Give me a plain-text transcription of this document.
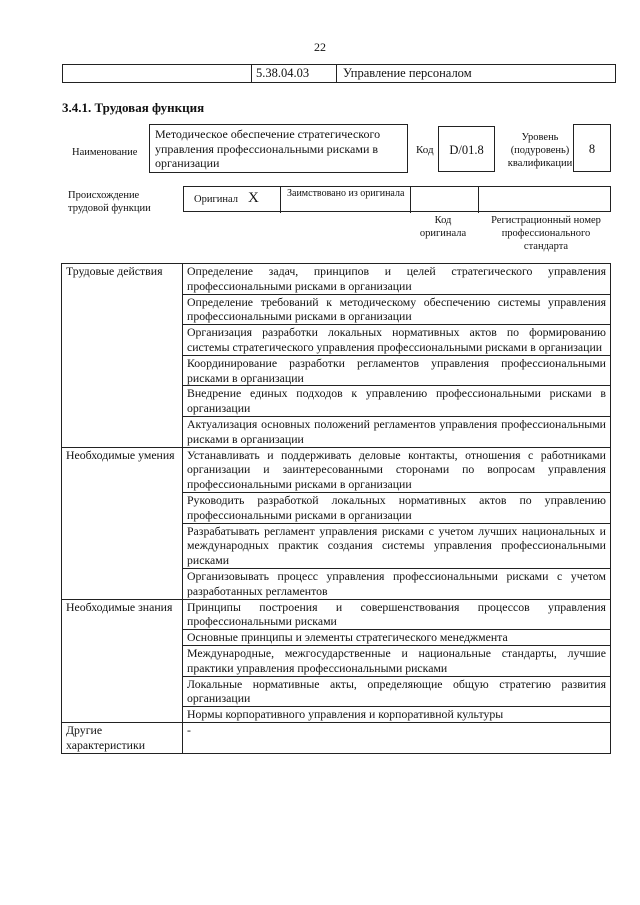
22
5.38.04.03	Управление персоналом
3.4.1. Трудовая функция
Наименование
Методическое обеспечение стратегического управления профессиональными рисками в организации
Код	D/01.8
Уровень (подуровень) квалификации
8
Происхождение трудовой функции
Оригинал X	Заимствовано из оригинала
Код оригинала
Регистрационный номер профессионального стандарта
Трудовые действия	Определение задач, принципов и целей стратегического управления профессиональными рисками в организации
	Определение требований к методическому обеспечению системы управления профессиональными рисками в организации
	Организация разработки локальных нормативных актов по формированию системы стратегического управления профессиональными рисками в организации
	Координирование разработки регламентов управления профессиональными рисками в организации
	Внедрение единых подходов к управлению профессиональными рисками в организации
	Актуализация основных положений регламентов управления профессиональными рисками в организации
Необходимые умения	Устанавливать и поддерживать деловые контакты, отношения с работниками организации и заинтересованными сторонами по вопросам управления профессиональными рисками в организации
	Руководить разработкой локальных нормативных актов по управлению профессиональными рисками в организации
	Разрабатывать регламент управления рисками с учетом лучших национальных и международных практик создания системы управления профессиональными рисками
	Организовывать процесс управления профессиональными рисками с учетом разработанных регламентов
Необходимые знания	Принципы построения и совершенствования процессов управления профессиональными рисками
	Основные принципы и элементы стратегического менеджмента
	Международные, межгосударственные и национальные стандарты, лучшие практики управления профессиональными рисками
	Локальные нормативные акты, определяющие общую стратегию развития организации
	Нормы корпоративного управления и корпоративной культуры
Другие характеристики	-
